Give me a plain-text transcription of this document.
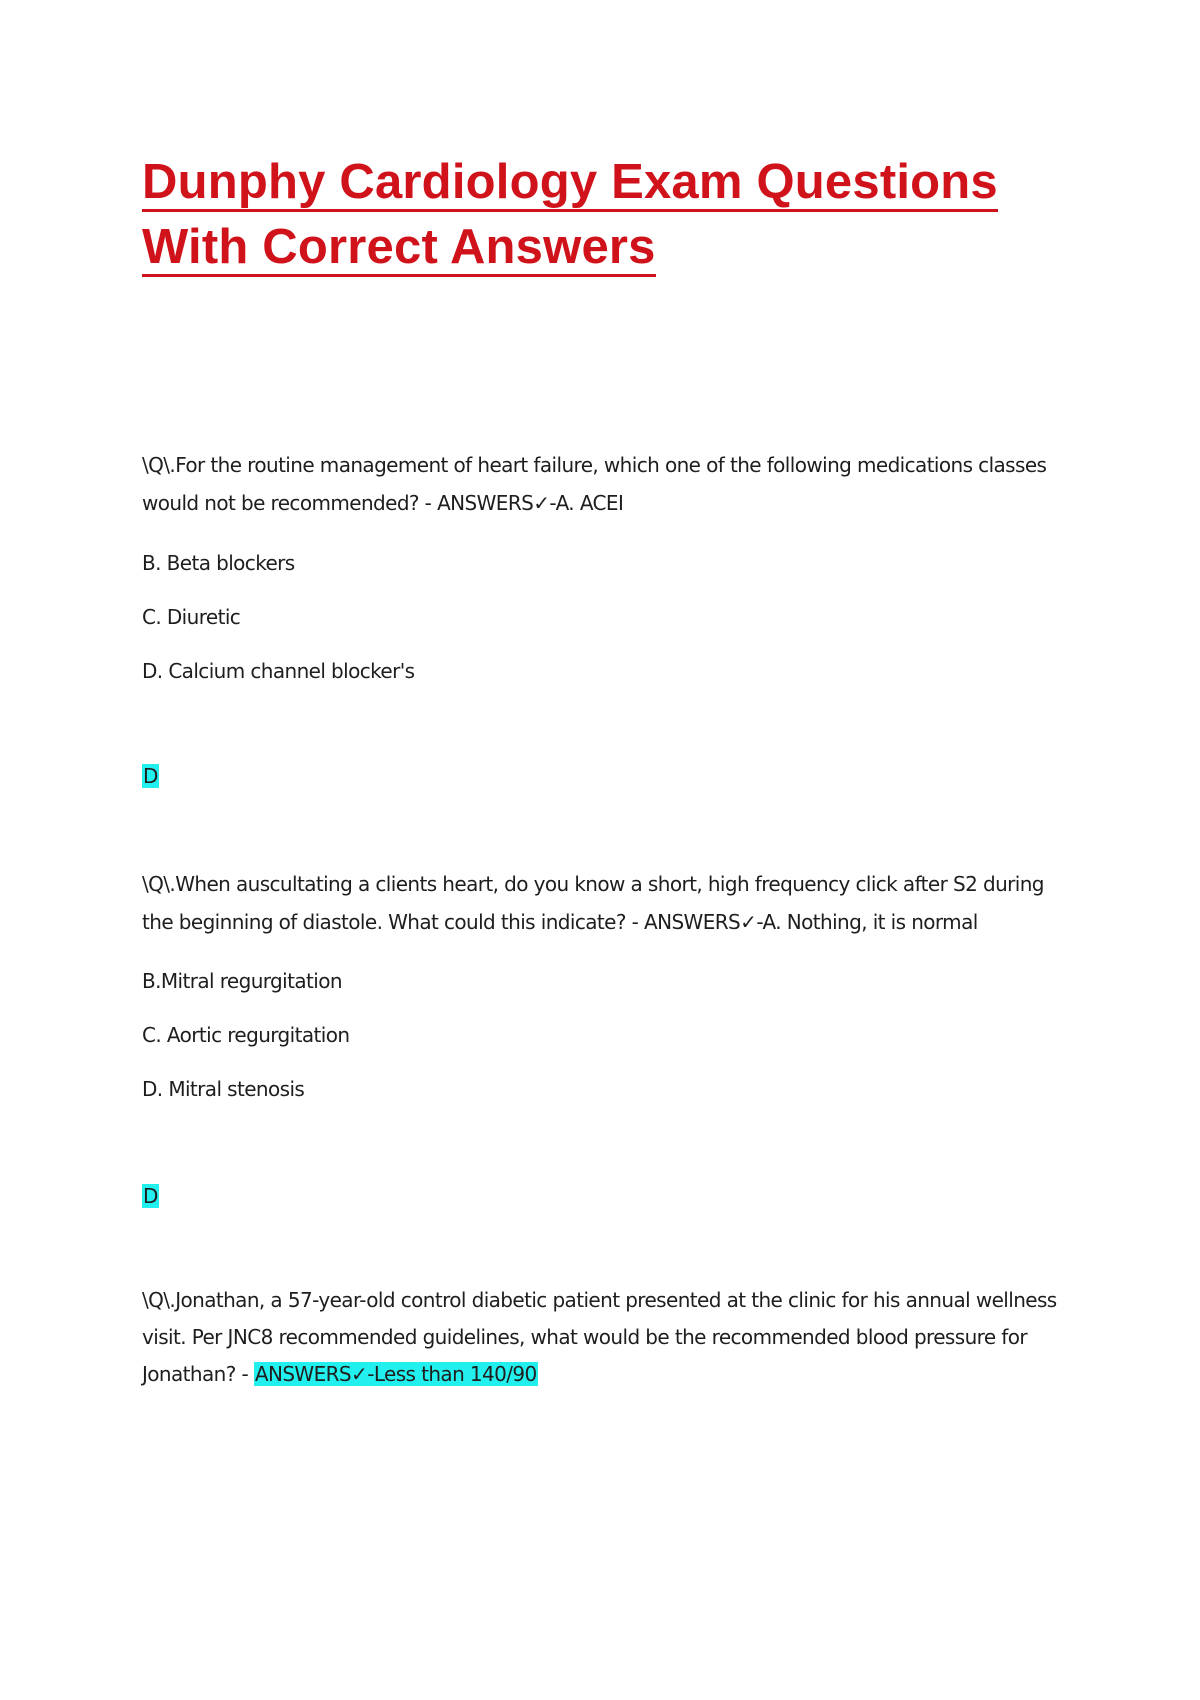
Dunphy Cardiology Exam Questions
With Correct Answers
\Q\.For the routine management of heart failure, which one of the following medications classes would not be recommended? - ANSWERS✓-A. ACEI
B. Beta blockers
C. Diuretic
D. Calcium channel blocker's
D
\Q\.When auscultating a clients heart, do you know a short, high frequency click after S2 during the beginning of diastole. What could this indicate? - ANSWERS✓-A. Nothing, it is normal
B.Mitral regurgitation
C. Aortic regurgitation
D. Mitral stenosis
D
\Q\.Jonathan, a 57-year-old control diabetic patient presented at the clinic for his annual wellness visit. Per JNC8 recommended guidelines, what would be the recommended blood pressure for Jonathan? - ANSWERS✓-Less than 140/90
